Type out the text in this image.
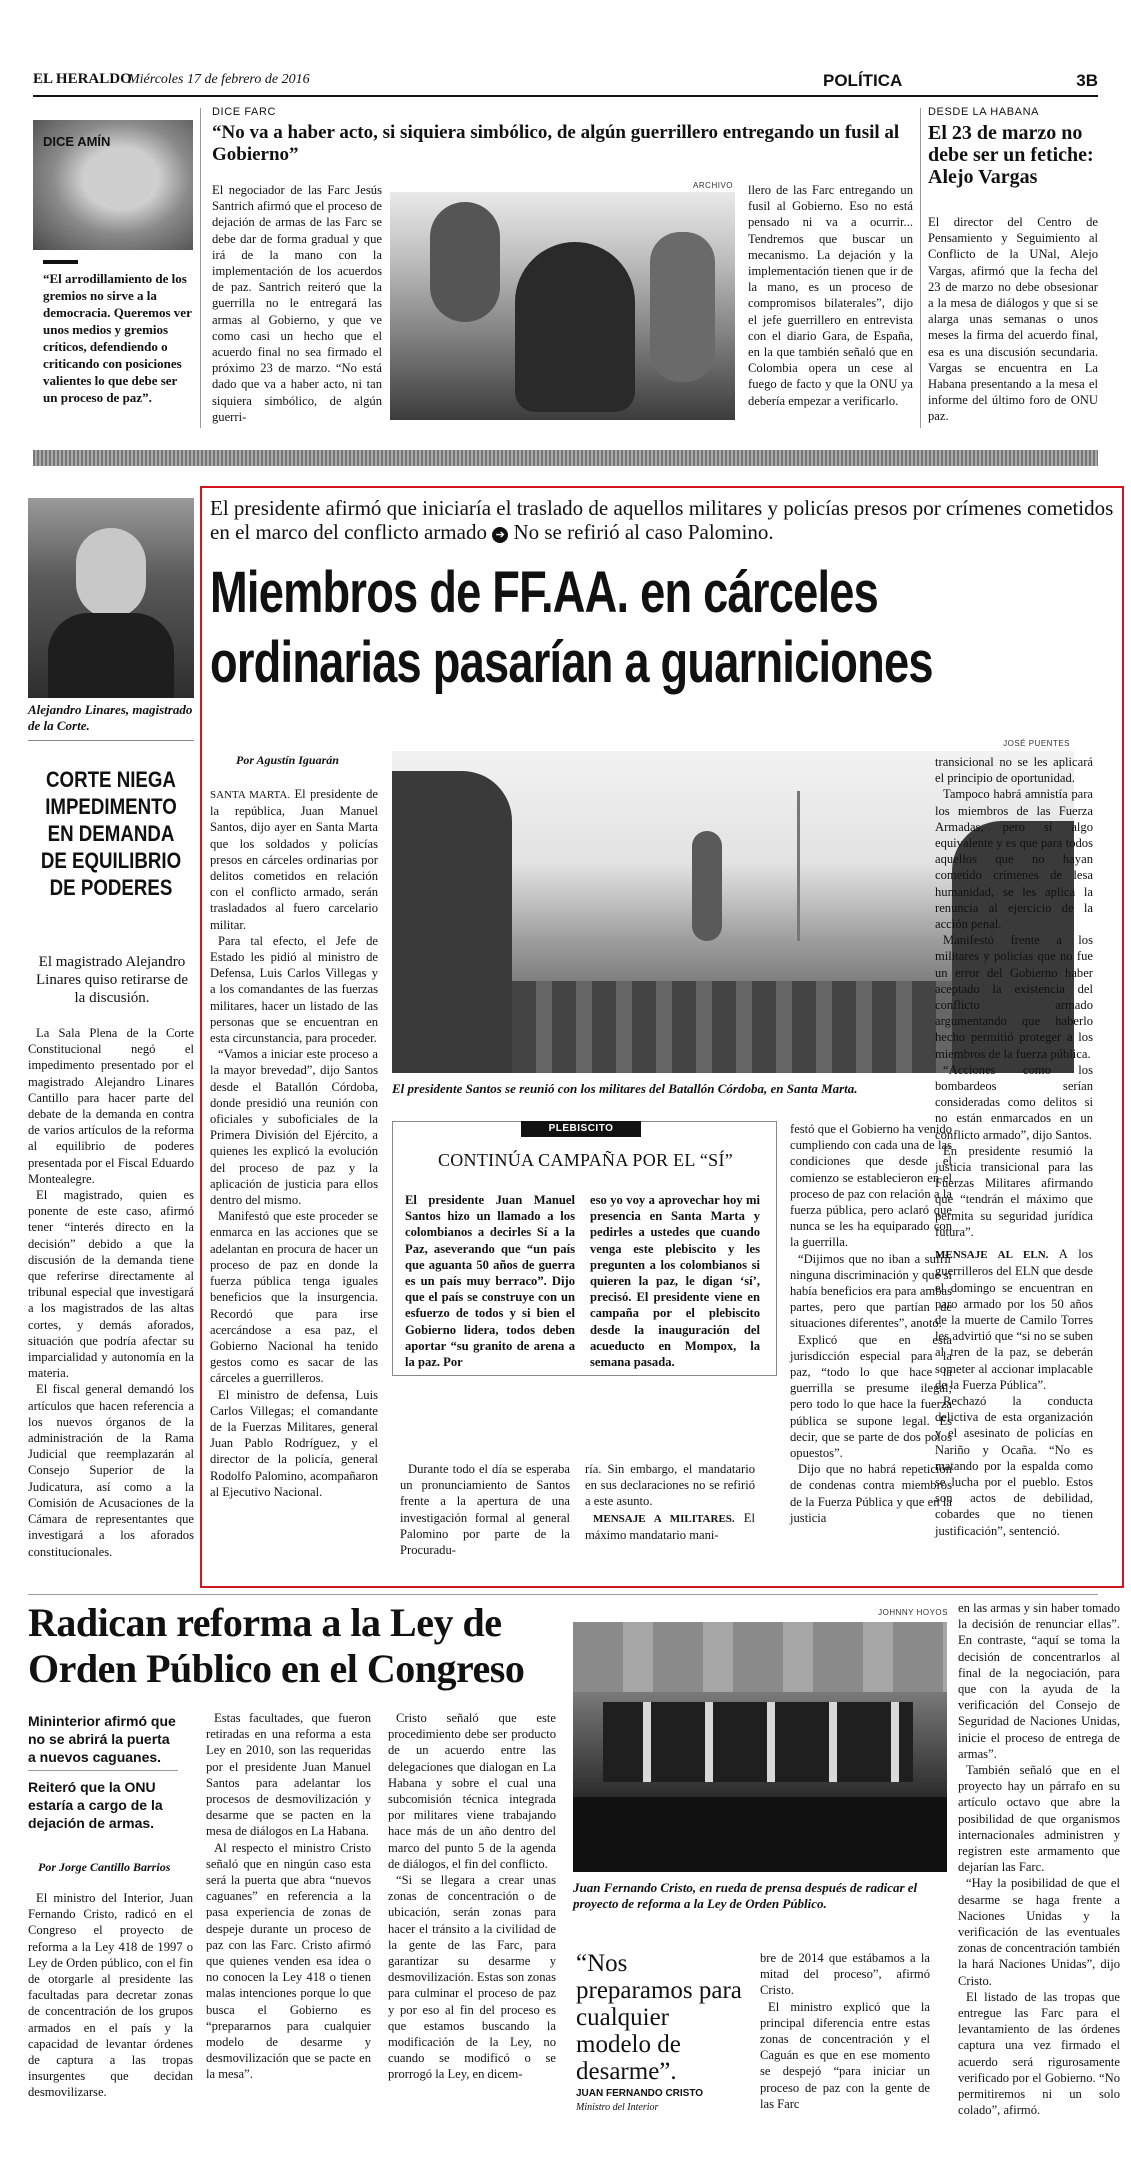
EL HERALDO
Miércoles 17 de febrero de 2016	POLÍTICA	3B
DICE AMÍN

“El arrodillamiento de los gremios no sirve a la democracia. Queremos ver unos medios y gremios críticos, defendiendo o criticando con posiciones valientes lo que debe ser un proceso de paz”.

DICE FARC
“No va a haber acto, si siquiera simbólico, de algún guerrillero entregando un fusil al Gobierno”

El negociador de las Farc Jesús Santrich afirmó que el proceso de dejación de armas de las Farc se debe dar de forma gradual y que irá de la mano con la implementación de los acuerdos de paz. Santrich reiteró que la guerrilla no le entregará las armas al Gobierno, y que ve como casi un hecho que el acuerdo final no sea firmado el próximo 23 de marzo. “No está dado que va a haber acto, ni tan siquiera simbólico, de algún guerri-

ARCHIVO llero de las Farc entregando un fusil al Gobierno. Eso no está pensado ni va a ocurrir... Tendremos que buscar un mecanismo. La dejación y la implementación tienen que ir de la mano, es un proceso de compromisos bilaterales”, dijo el jefe guerrillero en entrevista con el diario Gara, de España, en la que también señaló que en Colombia opera un cese al fuego de facto y que la ONU ya debería empezar a verificarlo.

DESDE LA HABANA
El 23 de marzo no debe ser un fetiche: Alejo Vargas

El director del Centro de Pensamiento y Seguimiento al Conflicto de la UNal, Alejo Vargas, afirmó que la fecha del 23 de marzo no debe obsesionar a la mesa de diálogos y que si se alarga unas semanas o unos meses la firma del acuerdo final, esa es una discusión secundaria. Vargas se encuentra en La Habana presentando a la mesa el informe del último foro de ONU paz.

Alejandro Linares, magistrado de la Corte.
CORTE NIEGA IMPEDIMENTO EN DEMANDA DE EQUILIBRIO DE PODERES
El magistrado Alejandro Linares quiso retirarse de la discusión.

La Sala Plena de la Corte Constitucional negó el impedimento presentado por el magistrado Alejandro Linares Cantillo para hacer parte del debate de la demanda en contra de varios artículos de la reforma al equilibrio de poderes presentada por el Fiscal Eduardo Montealegre.

El magistrado, quien es ponente de este caso, afirmó tener “interés directo en la decisión” debido a que la discusión de la demanda tiene que referirse directamente al tribunal especial que investigará a los magistrados de las altas cortes, y demás aforados, situación que podría afectar su imparcialidad y autonomía en la materia.

El fiscal general demandó los artículos que hacen referencia a los nuevos órganos de la administración de la Rama Judicial que reemplazarán al Consejo Superior de la Judicatura, así como a la Comisión de Acusaciones de la Cámara de representantes que investigará a los aforados constitucionales.

El presidente afirmó que iniciaría el traslado de aquellos militares y policías presos por crímenes cometidos en el marco del conflicto armado ➔ No se refirió al caso Palomino.
Miembros de FF.AA. en cárceles ordinarias pasarían a guarniciones
Por Agustín Iguarán
JOSÉ PUENTES
El presidente Santos se reunió con los militares del Batallón Córdoba, en Santa Marta.

SANTA MARTA. El presidente de la república, Juan Manuel Santos, dijo ayer en Santa Marta que los soldados y policías presos en cárceles ordinarias por delitos cometidos en relación con el conflicto armado, serán trasladados al fuero carcelario militar.

Para tal efecto, el Jefe de Estado les pidió al ministro de Defensa, Luis Carlos Villegas y a los comandantes de las fuerzas militares, hacer un listado de las personas que se encuentran en esta circunstancia, para proceder.

“Vamos a iniciar este proceso a la mayor brevedad”, dijo Santos desde el Batallón Córdoba, donde presidió una reunión con oficiales y suboficiales de la Primera División del Ejército, a quienes les explicó la evolución del proceso de paz y la aplicación de justicia para ellos dentro del mismo.

Manifestó que este proceder se enmarca en las acciones que se adelantan en procura de hacer un proceso de paz en donde la fuerza pública tenga iguales beneficios que la insurgencia. Recordó que para irse acercándose a esa paz, el Gobierno Nacional ha tenido gestos como es sacar de las cárceles a guerrilleros.

El ministro de defensa, Luis Carlos Villegas; el comandante de la Fuerzas Militares, general Juan Pablo Rodríguez, y el director de la policía, general Rodolfo Palomino, acompañaron al Ejecutivo Nacional.

PLEBISCITO
CONTINÚA CAMPAÑA POR EL “SÍ”

El presidente Juan Manuel Santos hizo un llamado a los colombianos a decirles Sí a la Paz, aseverando que “un país que aguanta 50 años de guerra es un país muy berraco”. Dijo que el país se construye con un esfuerzo de todos y si bien el Gobierno lidera, todos deben aportar “su granito de arena a la paz. Por

eso yo voy a aprovechar hoy mi presencia en Santa Marta y pedirles a ustedes que cuando venga este plebiscito y les pregunten a los colombianos si quieren la paz, le digan ‘sí’, precisó. El presidente viene en campaña por el plebiscito desde la inauguración del acueducto en Mompox, la semana pasada.

Durante todo el día se esperaba un pronunciamiento de Santos frente a la apertura de una investigación formal al general Palomino por parte de la Procuradu-

ría. Sin embargo, el mandatario en sus declaraciones no se refirió a este asunto.

MENSAJE A MILITARES. El máximo mandatario mani-

festó que el Gobierno ha venido cumpliendo con cada una de las condiciones que desde el comienzo se establecieron en el proceso de paz con relación a la fuerza pública, pero aclaró que nunca se les ha equiparado con la guerrilla.

“Dijimos que no iban a sufrir ninguna discriminación y que si había beneficios era para ambas partes, pero que partían de situaciones diferentes”, anotó.

Explicó que en esta jurisdicción especial para la paz, “todo lo que hace la guerrilla se presume ilegal; pero todo lo que hace la fuerza pública se supone legal. Es decir, que se parte de dos polos opuestos”.

Dijo que no habrá repetición de condenas contra miembros de la Fuerza Pública y que en la justicia

transicional no se les aplicará el principio de oportunidad.

Tampoco habrá amnistía para los miembros de las Fuerza Armadas, pero sí algo equivalente y es que para todos aquellos que no hayan cometido crímenes de lesa humanidad, se les aplica la renuncia al ejercicio de la acción penal.

Manifestó frente a los militares y policías que no fue un error del Gobierno haber aceptado la existencia del conflicto armado argumentando que haberlo hecho permitió proteger a los miembros de la fuerza pública.

“Acciones como los bombardeos serían consideradas como delitos si no están enmarcados en un conflicto armado”, dijo Santos.

En presidente resumió la justicia transicional para las Fuerzas Militares afirmando que “tendrán el máximo que permita su seguridad jurídica futura”.

MENSAJE AL ELN. A los guerrilleros del ELN que desde el domingo se encuentran en paro armado por los 50 años de la muerte de Camilo Torres les advirtió que “si no se suben al tren de la paz, se deberán someter al accionar implacable de la Fuerza Pública”.

Rechazó la conducta delictiva de esta organización y el asesinato de policías en Nariño y Ocaña. “No es matando por la espalda como se lucha por el pueblo. Estos son actos de debilidad, cobardes que no tienen justificación”, sentenció.

Radican reforma a la Ley de Orden Público en el Congreso
Mininterior afirmó que no se abrirá la puerta a nuevos caguanes.
Reiteró que la ONU estaría a cargo de la dejación de armas.
Por Jorge Cantillo Barrios

El ministro del Interior, Juan Fernando Cristo, radicó en el Congreso el proyecto de reforma a la Ley 418 de 1997 o Ley de Orden público, con el fin de otorgarle al presidente las facultadas para decretar zonas de concentración de los grupos armados en el país y la capacidad de levantar órdenes de captura a las tropas insurgentes que decidan desmovilizarse.

Estas facultades, que fueron retiradas en una reforma a esta Ley en 2010, son las requeridas por el presidente Juan Manuel Santos para adelantar los procesos de desmovilización y desarme que se pacten en la mesa de diálogos en La Habana.

Al respecto el ministro Cristo señaló que en ningún caso esta será la puerta que abra “nuevos caguanes” en referencia a la pasa experiencia de zonas de despeje durante un proceso de paz con las Farc. Cristo afirmó que quienes venden esa idea o no conocen la Ley 418 o tienen malas intenciones porque lo que busca el Gobierno es “prepararnos para cualquier modelo de desarme y desmovilización que se pacte en la mesa”.

Cristo señaló que este procedimiento debe ser producto de un acuerdo entre las delegaciones que dialogan en La Habana y sobre el cual una subcomisión técnica integrada por militares viene trabajando hace más de un año dentro del marco del punto 5 de la agenda de diálogos, el fin del conflicto.

“Si se llegara a crear unas zonas de concentración o de ubicación, serán zonas para hacer el tránsito a la civilidad de la gente de las Farc, para garantizar su desarme y desmovilización. Estas son zonas para culminar el proceso de paz y por eso al fin del proceso es que estamos buscando la modificación de la Ley, no cuando se modificó o se prorrogó la Ley, en dicem-

JOHNNY HOYOS
Juan Fernando Cristo, en rueda de prensa después de radicar el proyecto de reforma a la Ley de Orden Público.
“Nos preparamos para cualquier modelo de desarme”.
JUAN FERNANDO CRISTO
Ministro del Interior

bre de 2014 que estábamos a la mitad del proceso”, afirmó Cristo.

El ministro explicó que la principal diferencia entre estas zonas de concentración y el Caguán es que en ese momento se despejó “para iniciar un proceso de paz con la gente de las Farc

en las armas y sin haber tomado la decisión de renunciar ellas”. En contraste, “aquí se toma la decisión de concentrarlos al final de la negociación, para que con la ayuda de la verificación del Consejo de Seguridad de Naciones Unidas, inicie el proceso de entrega de armas”.

También señaló que en el proyecto hay un párrafo en su artículo octavo que abre la posibilidad de que organismos internacionales administren y registren este armamento que dejarían las Farc.

“Hay la posibilidad de que el desarme se haga frente a Naciones Unidas y la verificación de las eventuales zonas de concentración también la hará Naciones Unidas”, dijo Cristo.

El listado de las tropas que entregue las Farc para el levantamiento de las órdenes captura una vez firmado el acuerdo será rigurosamente verificado por el Gobierno. “No permitiremos ni un solo colado”, afirmó.
